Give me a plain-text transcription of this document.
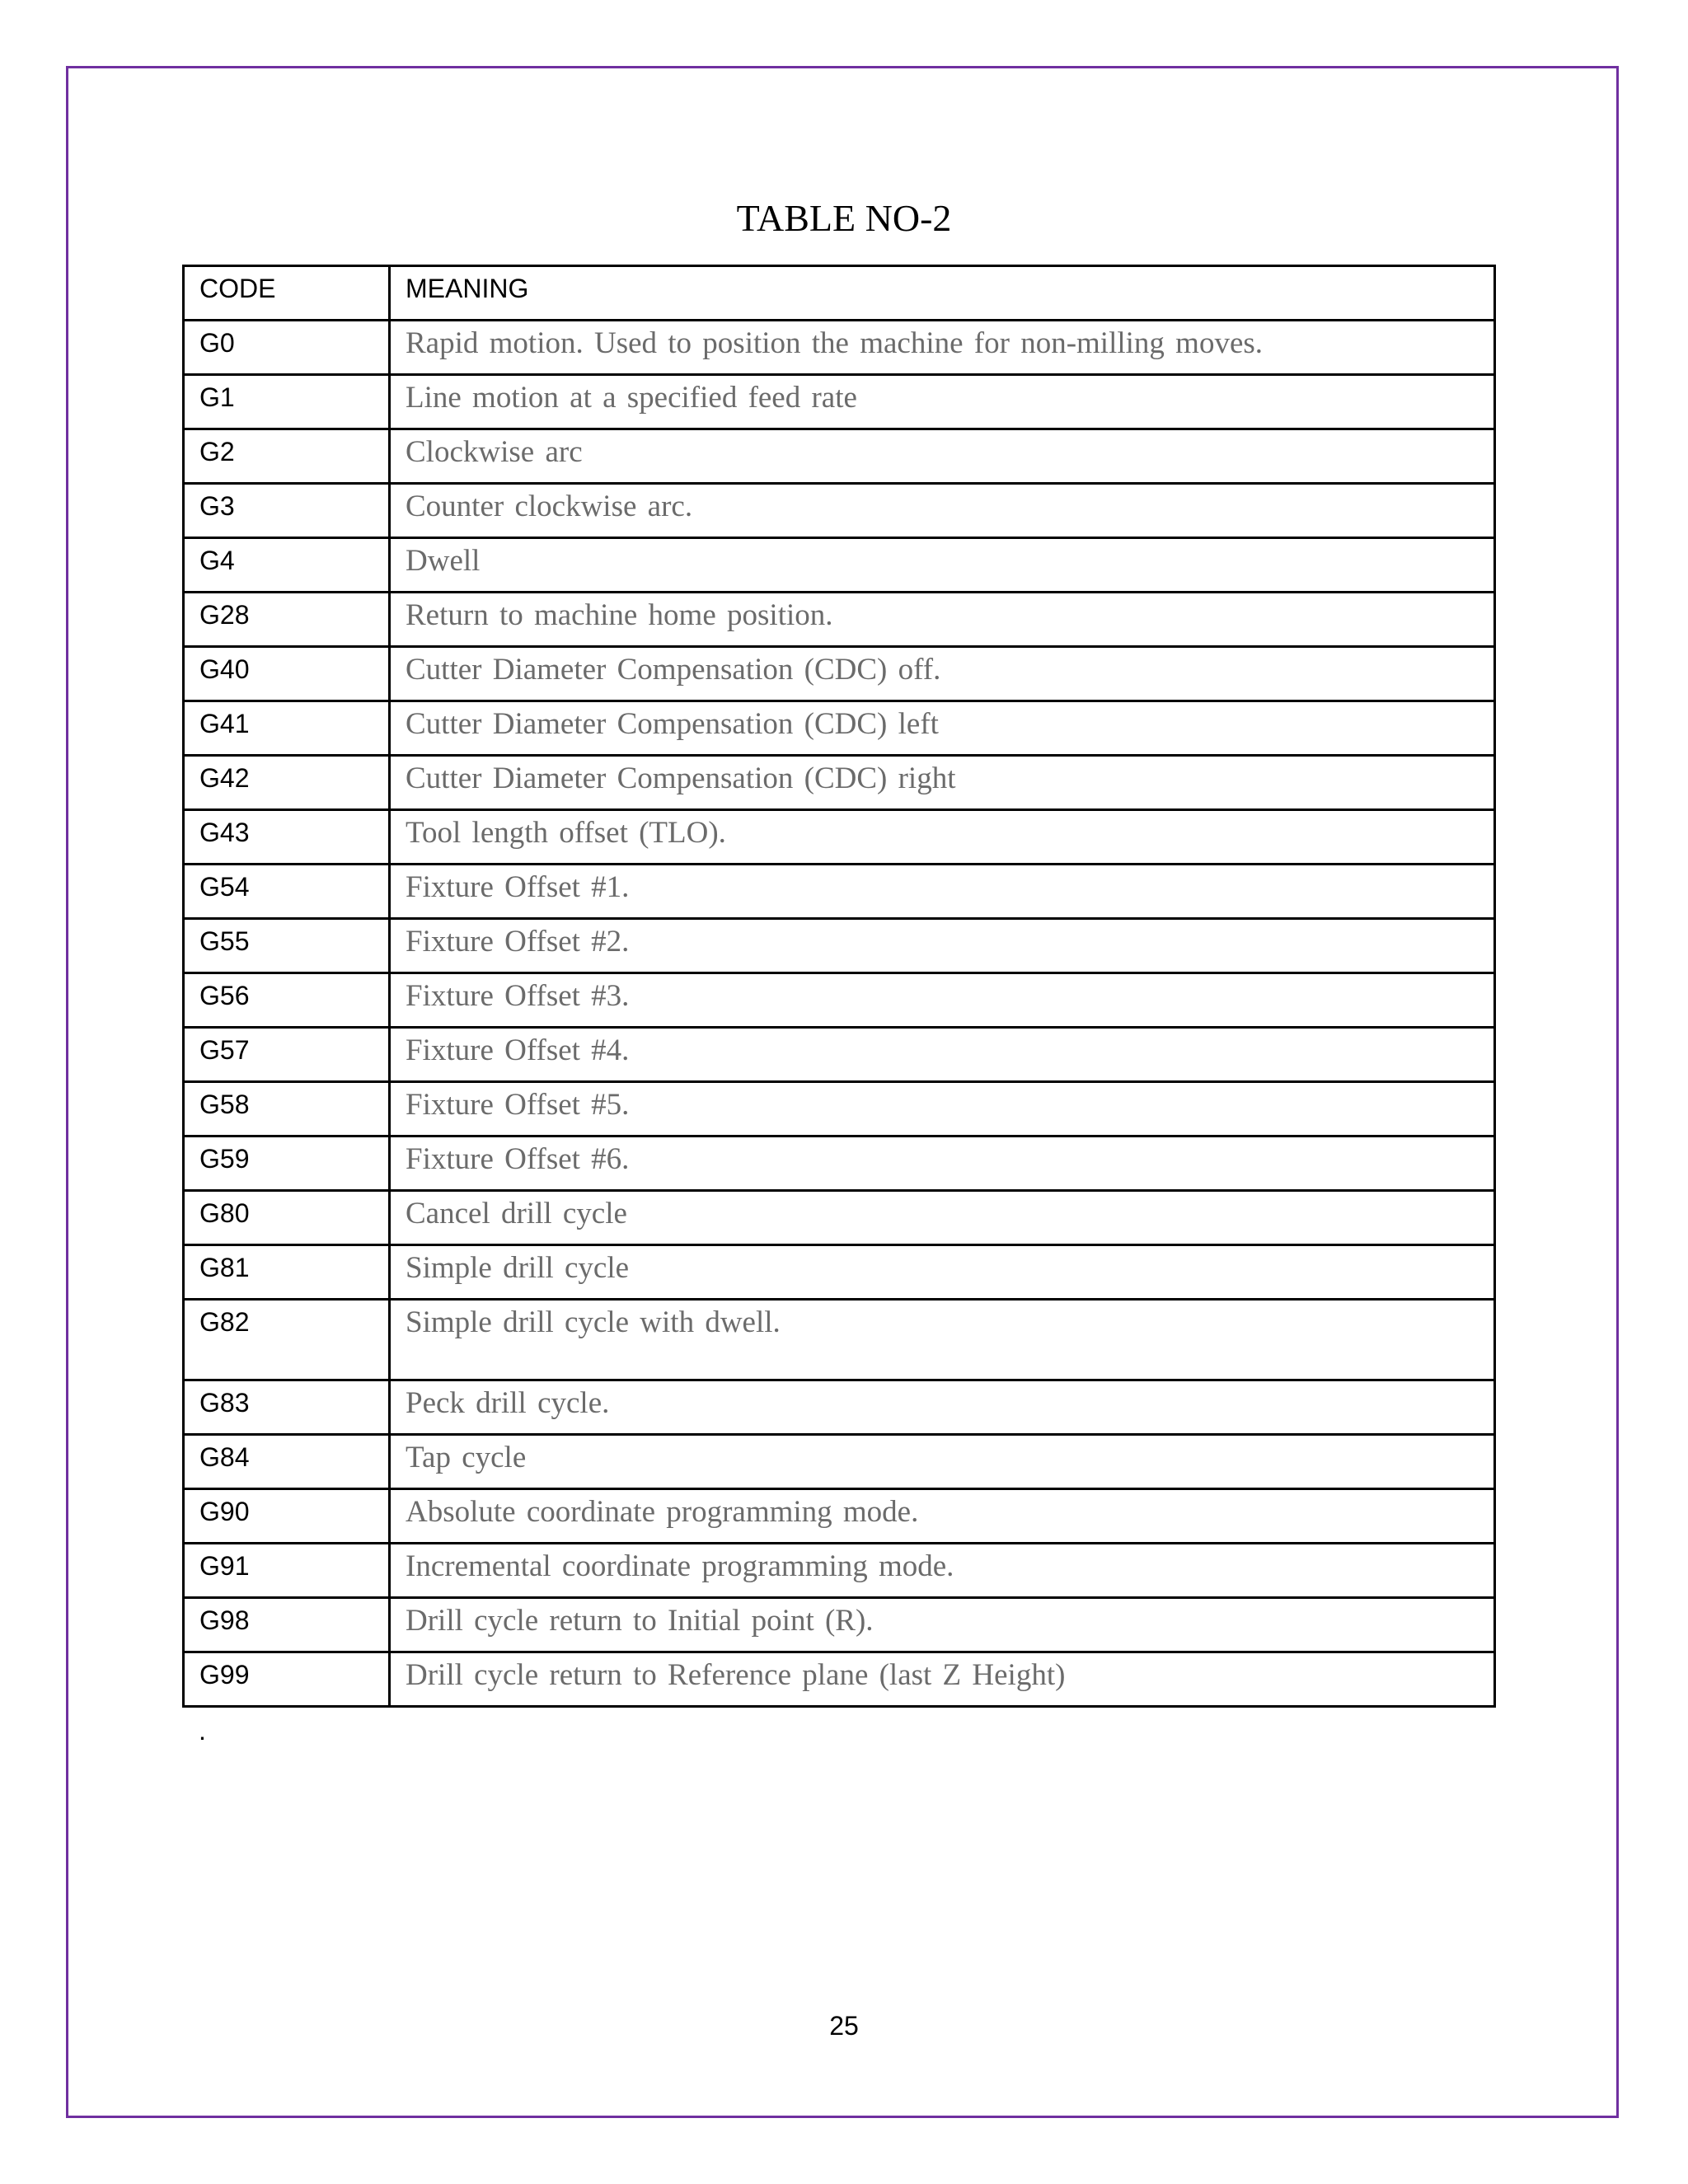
TABLE NO-2
CODE	MEANING
G0	Rapid motion. Used to position the machine for non-milling moves.
G1	Line motion at a specified feed rate
G2	Clockwise arc
G3	Counter clockwise arc.
G4	Dwell
G28	Return to machine home position.
G40	Cutter Diameter Compensation (CDC) off.
G41	Cutter Diameter Compensation (CDC) left
G42	Cutter Diameter Compensation (CDC) right
G43	Tool length offset (TLO).
G54	Fixture Offset #1.
G55	Fixture Offset #2.
G56	Fixture Offset #3.
G57	Fixture Offset #4.
G58	Fixture Offset #5.
G59	Fixture Offset #6.
G80	Cancel drill cycle
G81	Simple drill cycle
G82	Simple drill cycle with dwell.
G83	Peck drill cycle.
G84	Tap cycle
G90	Absolute coordinate programming mode.
G91	Incremental coordinate programming mode.
G98	Drill cycle return to Initial point (R).
G99	Drill cycle return to Reference plane (last Z Height)
.
25
